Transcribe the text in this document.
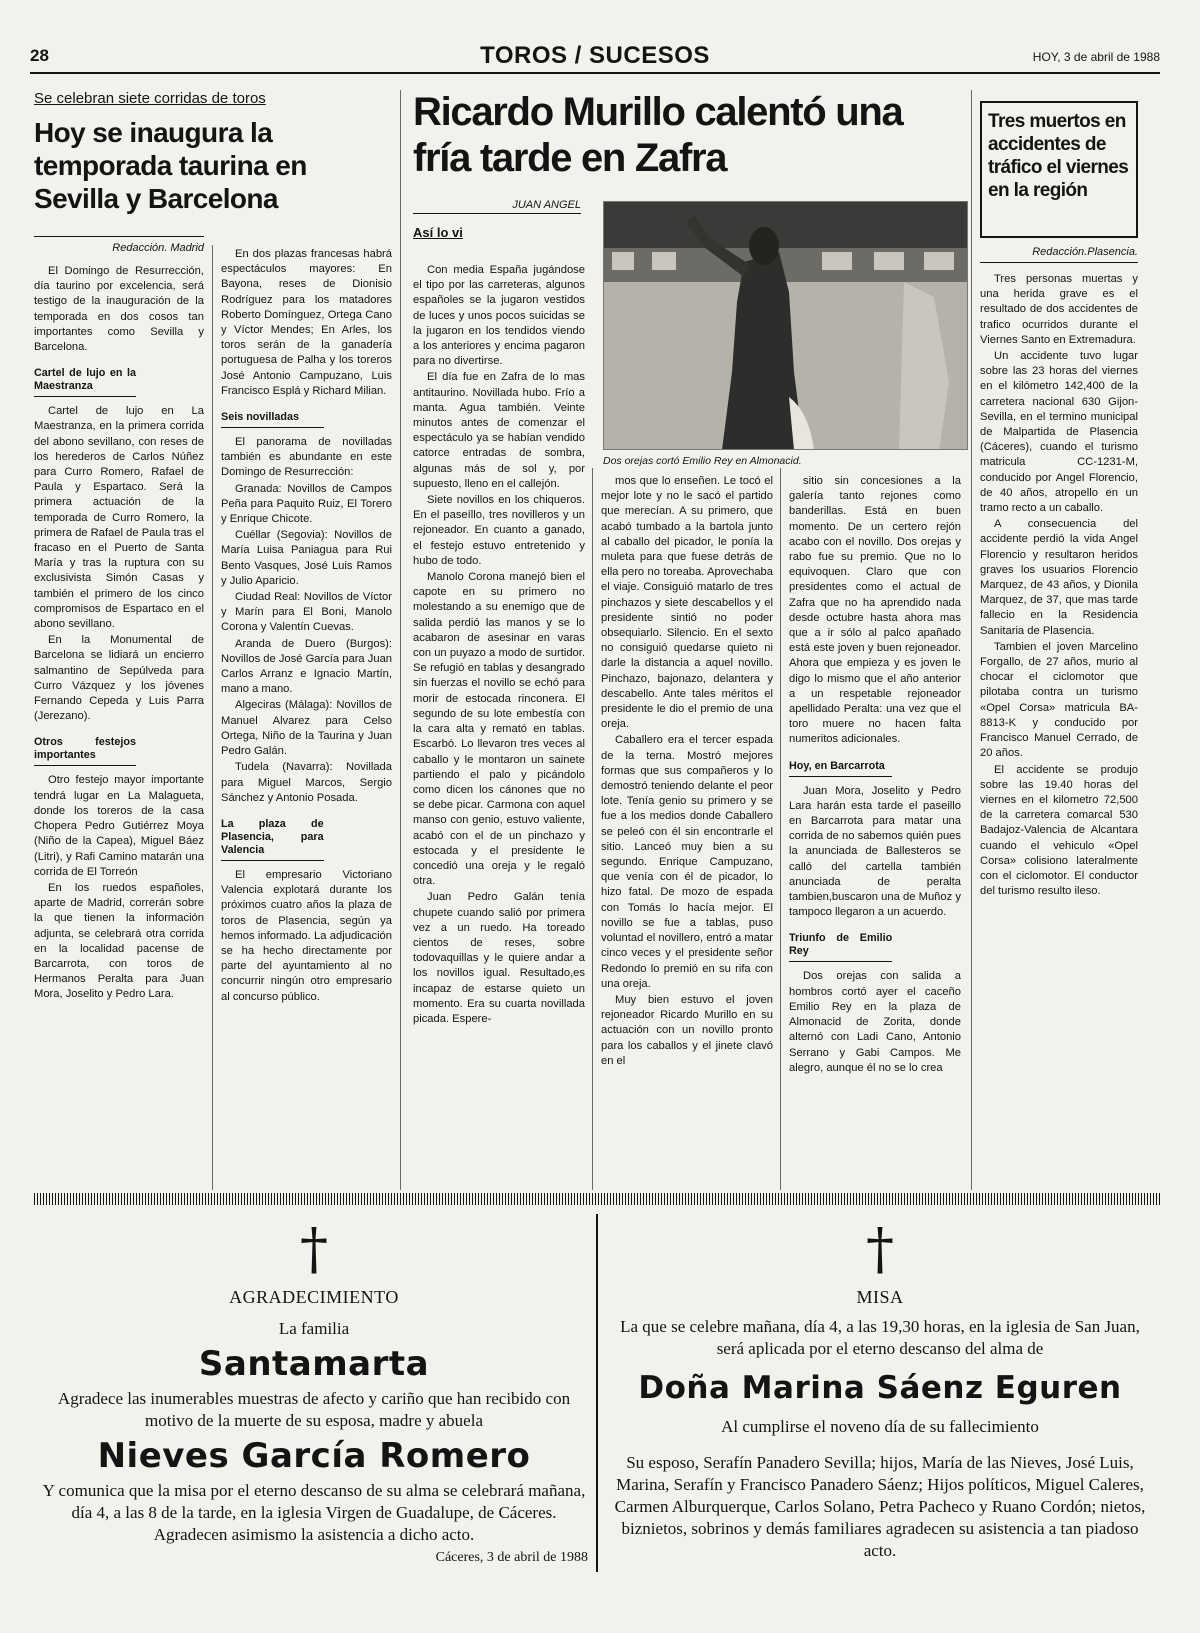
28	TOROS / SUCESOS	HOY, 3 de abril de 1988
Se celebran siete corridas de toros
Hoy se inaugura la temporada taurina en Sevilla y Barcelona
Redacción. Madrid

El Domingo de Resurrección, día taurino por excelencia, será testigo de la inauguración de la temporada en dos cosos tan importantes como Sevilla y Barcelona.

Cartel de lujo en la Maestranza

Cartel de lujo en La Maestranza, en la primera corrida del abono sevillano, con reses de los herederos de Carlos Núñez para Curro Romero, Rafael de Paula y Espartaco. Será la primera actuación de la temporada de Curro Romero, la primera de Rafael de Paula tras el fracaso en el Puerto de Santa María y tras la ruptura con su exclusivista Simón Casas y también el primero de los cinco compromisos de Espartaco en el abono sevillano.

En la Monumental de Barcelona se lidiará un encierro salmantino de Sepúlveda para Curro Vázquez y los jóvenes Fernando Cepeda y Luis Parra (Jerezano).

Otros festejos importantes

Otro festejo mayor importante tendrá lugar en La Malagueta, donde los toreros de la casa Chopera Pedro Gutiérrez Moya (Niño de la Capea), Miguel Báez (Litri), y Rafi Camino matarán una corrida de El Torreón

En los ruedos españoles, aparte de Madrid, correrán sobre la que tienen la información adjunta, se celebrará otra corrida en la localidad pacense de Barcarrota, con toros de Hermanos Peralta para Juan Mora, Joselito y Pedro Lara.

En dos plazas francesas habrá espectáculos mayores: En Bayona, reses de Dionisio Rodríguez para los matadores Roberto Domínguez, Ortega Cano y Víctor Mendes; En Arles, los toros serán de la ganadería portuguesa de Palha y los toreros José Antonio Campuzano, Luis Francisco Esplá y Richard Milian.

Seis novilladas

El panorama de novilladas también es abundante en este Domingo de Resurrección:

Granada: Novillos de Campos Peña para Paquito Ruiz, El Torero y Enrique Chicote.

Cuéllar (Segovia): Novillos de María Luisa Paniagua para Rui Bento Vasques, José Luis Ramos y Julio Aparicio.

Ciudad Real: Novillos de Víctor y Marín para El Boni, Manolo Corona y Valentín Cuevas.

Aranda de Duero (Burgos): Novillos de José García para Juan Carlos Arranz e Ignacio Martín, mano a mano.

Algeciras (Málaga): Novillos de Manuel Alvarez para Celso Ortega, Niño de la Taurina y Juan Pedro Galán.

Tudela (Navarra): Novillada para Miguel Marcos, Sergio Sánchez y Antonio Posada.

La plaza de Plasencia, para Valencia

El empresario Victoriano Valencia explotará durante los próximos cuatro años la plaza de toros de Plasencia, según ya hemos informado. La adjudicación se ha hecho directamente por parte del ayuntamiento al no concurrir ningún otro empresario al concurso público.

Ricardo Murillo calentó una fría tarde en Zafra
JUAN ANGEL
Así lo vi
Dos orejas cortó Emilio Rey en Almonacid.

Con media España jugándose el tipo por las carreteras, algunos españoles se la jugaron vestidos de luces y unos pocos suicidas se la jugaron en los tendidos viendo a los anteriores y encima pagaron para no divertirse.

El día fue en Zafra de lo mas antitaurino. Novillada hubo. Frío a manta. Agua también. Veinte minutos antes de comenzar el espectáculo ya se habían vendido catorce entradas de sombra, algunas más de sol y, por supuesto, lleno en el callejón.

Siete novillos en los chiqueros. En el paseíllo, tres novilleros y un rejoneador. En cuanto a ganado, el festejo estuvo entretenido y hubo de todo.

Manolo Corona manejó bien el capote en su primero no molestando a su enemigo que de salida perdió las manos y se lo acabaron de asesinar en varas con un puyazo a modo de surtidor. Se refugió en tablas y desangrado sin fuerzas el novillo se echó para morir de estocada rinconera. El segundo de su lote embestía con la cara alta y remató en tablas. Escarbó. Lo llevaron tres veces al caballo y le montaron un sainete partiendo el palo y picándolo como dicen los cánones que no se debe picar. Carmona con aquel manso con genio, estuvo valiente, acabó con el de un pinchazo y estocada y el presidente le concedió una oreja y le regaló otra.

Juan Pedro Galán tenía chupete cuando salió por primera vez a un ruedo. Ha toreado cientos de reses, sobre todovaquillas y le quiere andar a los novillos igual. Resultado,es incapaz de estarse quieto un momento. Era su cuarta novillada picada. Espere-

mos que lo enseñen. Le tocó el mejor lote y no le sacó el partido que merecían. A su primero, que acabó tumbado a la bartola junto al caballo del picador, le ponía la muleta para que fuese detrás de ella pero no toreaba. Aprovechaba el viaje. Consiguió matarlo de tres pinchazos y siete descabellos y el presidente sintió no poder obsequiarlo. Silencio. En el sexto no consiguió quedarse quieto ni darle la distancia a aquel novillo. Pinchazo, bajonazo, delantera y descabello. Ante tales méritos el presidente le dio el premio de una oreja.

Caballero era el tercer espada de la terna. Mostró mejores formas que sus compañeros y lo demostró teniendo delante el peor lote. Tenía genio su primero y se fue a los medios donde Caballero se peleó con él sin encontrarle el sitio. Lanceó muy bien a su segundo. Enrique Campuzano, que venía con él de picador, lo hizo fatal. De mozo de espada con Tomás lo hacía mejor. El novillo se fue a tablas, puso voluntad el novillero, entró a matar cinco veces y el presidente señor Redondo lo premió en su rifa con una oreja.

Muy bien estuvo el joven rejoneador Ricardo Murillo en su actuación con un novillo pronto para los caballos y el jinete clavó en el

sitio sin concesiones a la galería tanto rejones como banderillas. Está en buen momento. De un certero rejón acabo con el novillo. Dos orejas y rabo fue su premio. Que no lo equivoquen. Claro que con presidentes como el actual de Zafra que no ha aprendido nada desde octubre hasta ahora mas que a ir sólo al palco apañado está este joven y buen rejoneador. Ahora que empieza y es joven le digo lo mismo que el año anterior a un respetable rejoneador apellidado Peralta: una vez que el toro muere no hacen falta numeritos adicionales.

Hoy, en Barcarrota

Juan Mora, Joselito y Pedro Lara harán esta tarde el paseillo en Barcarrota para matar una corrida de no sabemos quién pues la anunciada de Ballesteros se calló del cartella también anunciada de peralta tambien,buscaron una de Muñoz y tampoco llegaron a un acuerdo.

Triunfo de Emilio Rey

Dos orejas con salida a hombros cortó ayer el caceño Emilio Rey en la plaza de Almonacid de Zorita, donde alternó con Ladi Cano, Antonio Serrano y Gabi Campos. Me alegro, aunque él no se lo crea

Tres muertos en accidentes de tráfico el viernes en la región
Redacción.Plasencia.

Tres personas muertas y una herida grave es el resultado de dos accidentes de trafico ocurridos durante el Viernes Santo en Extremadura.

Un accidente tuvo lugar sobre las 23 horas del viernes en el kilómetro 142,400 de la carretera nacional 630 Gijon-Sevilla, en el termino municipal de Malpartida de Plasencia (Cáceres), cuando el turismo matricula CC-1231-M, conducido por Angel Florencio, de 40 años, atropello en un tramo recto a un caballo.

A consecuencia del accidente perdió la vida Angel Florencio y resultaron heridos graves los usuarios Florencio Marquez, de 43 años, y Dionila Marquez, de 37, que mas tarde fallecio en la Residencia Sanitaria de Plasencia.

Tambien el joven Marcelino Forgallo, de 27 años, murio al chocar el ciclomotor que pilotaba contra un turismo «Opel Corsa» matricula BA-8813-K y conducido por Francisco Manuel Cerrado, de 20 años.

El accidente se produjo sobre las 19.40 horas del viernes en el kilometro 72,500 de la carretera comarcal 530 Badajoz-Valencia de Alcantara cuando el vehiculo «Opel Corsa» colisiono lateralmente con el ciclomotor. El conductor del turismo resulto ileso.

†
AGRADECIMIENTO
La familia
Santamarta
Agradece las inumerables muestras de afecto y cariño que han recibido con motivo de la muerte de su esposa, madre y abuela
Nieves García Romero
Y comunica que la misa por el eterno descanso de su alma se celebrará mañana, día 4, a las 8 de la tarde, en la iglesia Virgen de Guadalupe, de Cáceres. Agradecen asimismo la asistencia a dicho acto.
Cáceres, 3 de abril de 1988
†
MISA
La que se celebre mañana, día 4, a las 19,30 horas, en la iglesia de San Juan, será aplicada por el eterno descanso del alma de
Doña Marina Sáenz Eguren
Al cumplirse el noveno día de su fallecimiento
Su esposo, Serafín Panadero Sevilla; hijos, María de las Nieves, José Luis, Marina, Serafín y Francisco Panadero Sáenz; Hijos políticos, Miguel Caleres, Carmen Alburquerque, Carlos Solano, Petra Pacheco y Ruano Cordón; nietos, biznietos, sobrinos y demás familiares agradecen su asistencia a tan piadoso acto.
